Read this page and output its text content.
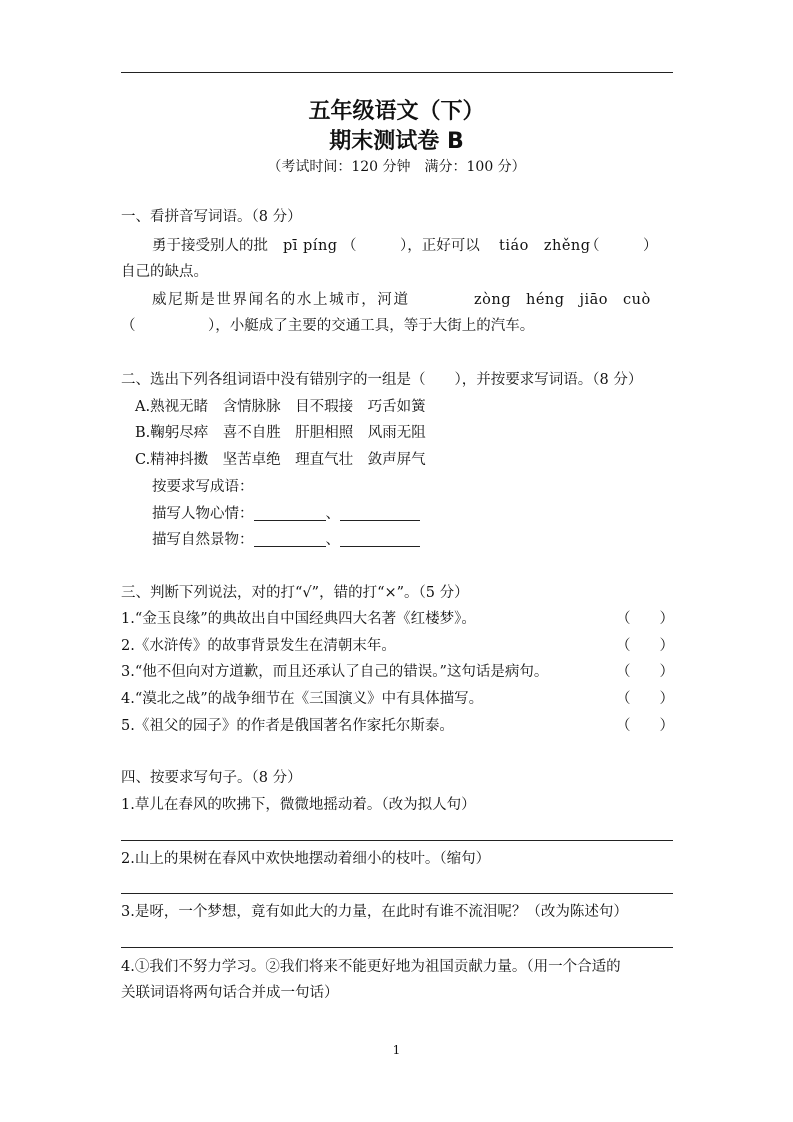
五年级语文（下）
期末测试卷 B
（考试时间：120 分钟　满分：100 分）
一、看拼音写词语。（8 分）
勇于接受别人的批 pī píng （　　　），正好可以 tiáo　zhěng
（　　　）
自己的缺点。
威尼斯是世界闻名的水上城市，河道	zòng　héng　jiāo　cuò
（　　　　　），小艇成了主要的交通工具，等于大街上的汽车。
二、选出下列各组词语中没有错别字的一组是（　　），并按要求写词语。（8 分）
A.熟视无睹　含情脉脉　目不瑕接　巧舌如簧
B.鞠躬尽瘁　喜不自胜　肝胆相照　风雨无阻
C.精神抖擞　坚苦卓绝　理直气壮　敛声屏气
按要求写成语：
描写人物心情：	、
描写自然景物：	、
三、判断下列说法，对的打“√”，错的打“×”。（5 分）
1.“金玉良缘”的典故出自中国经典四大名著《红楼梦》。	（　　）
2.《水浒传》的故事背景发生在清朝末年。	（　　）
3.“他不但向对方道歉，而且还承认了自己的错误。”这句话是病句。	（　　）
4.“漠北之战”的战争细节在《三国演义》中有具体描写。	（　　）
5.《祖父的园子》的作者是俄国著名作家托尔斯泰。	（　　）
四、按要求写句子。（8 分）
1.草儿在春风的吹拂下，微微地摇动着。（改为拟人句）
2.山上的果树在春风中欢快地摆动着细小的枝叶。（缩句）
3.是呀，一个梦想，竟有如此大的力量，在此时有谁不流泪呢？（改为陈述句）
4.①我们不努力学习。②我们将来不能更好地为祖国贡献力量。（用一个合适的
关联词语将两句话合并成一句话）
1
